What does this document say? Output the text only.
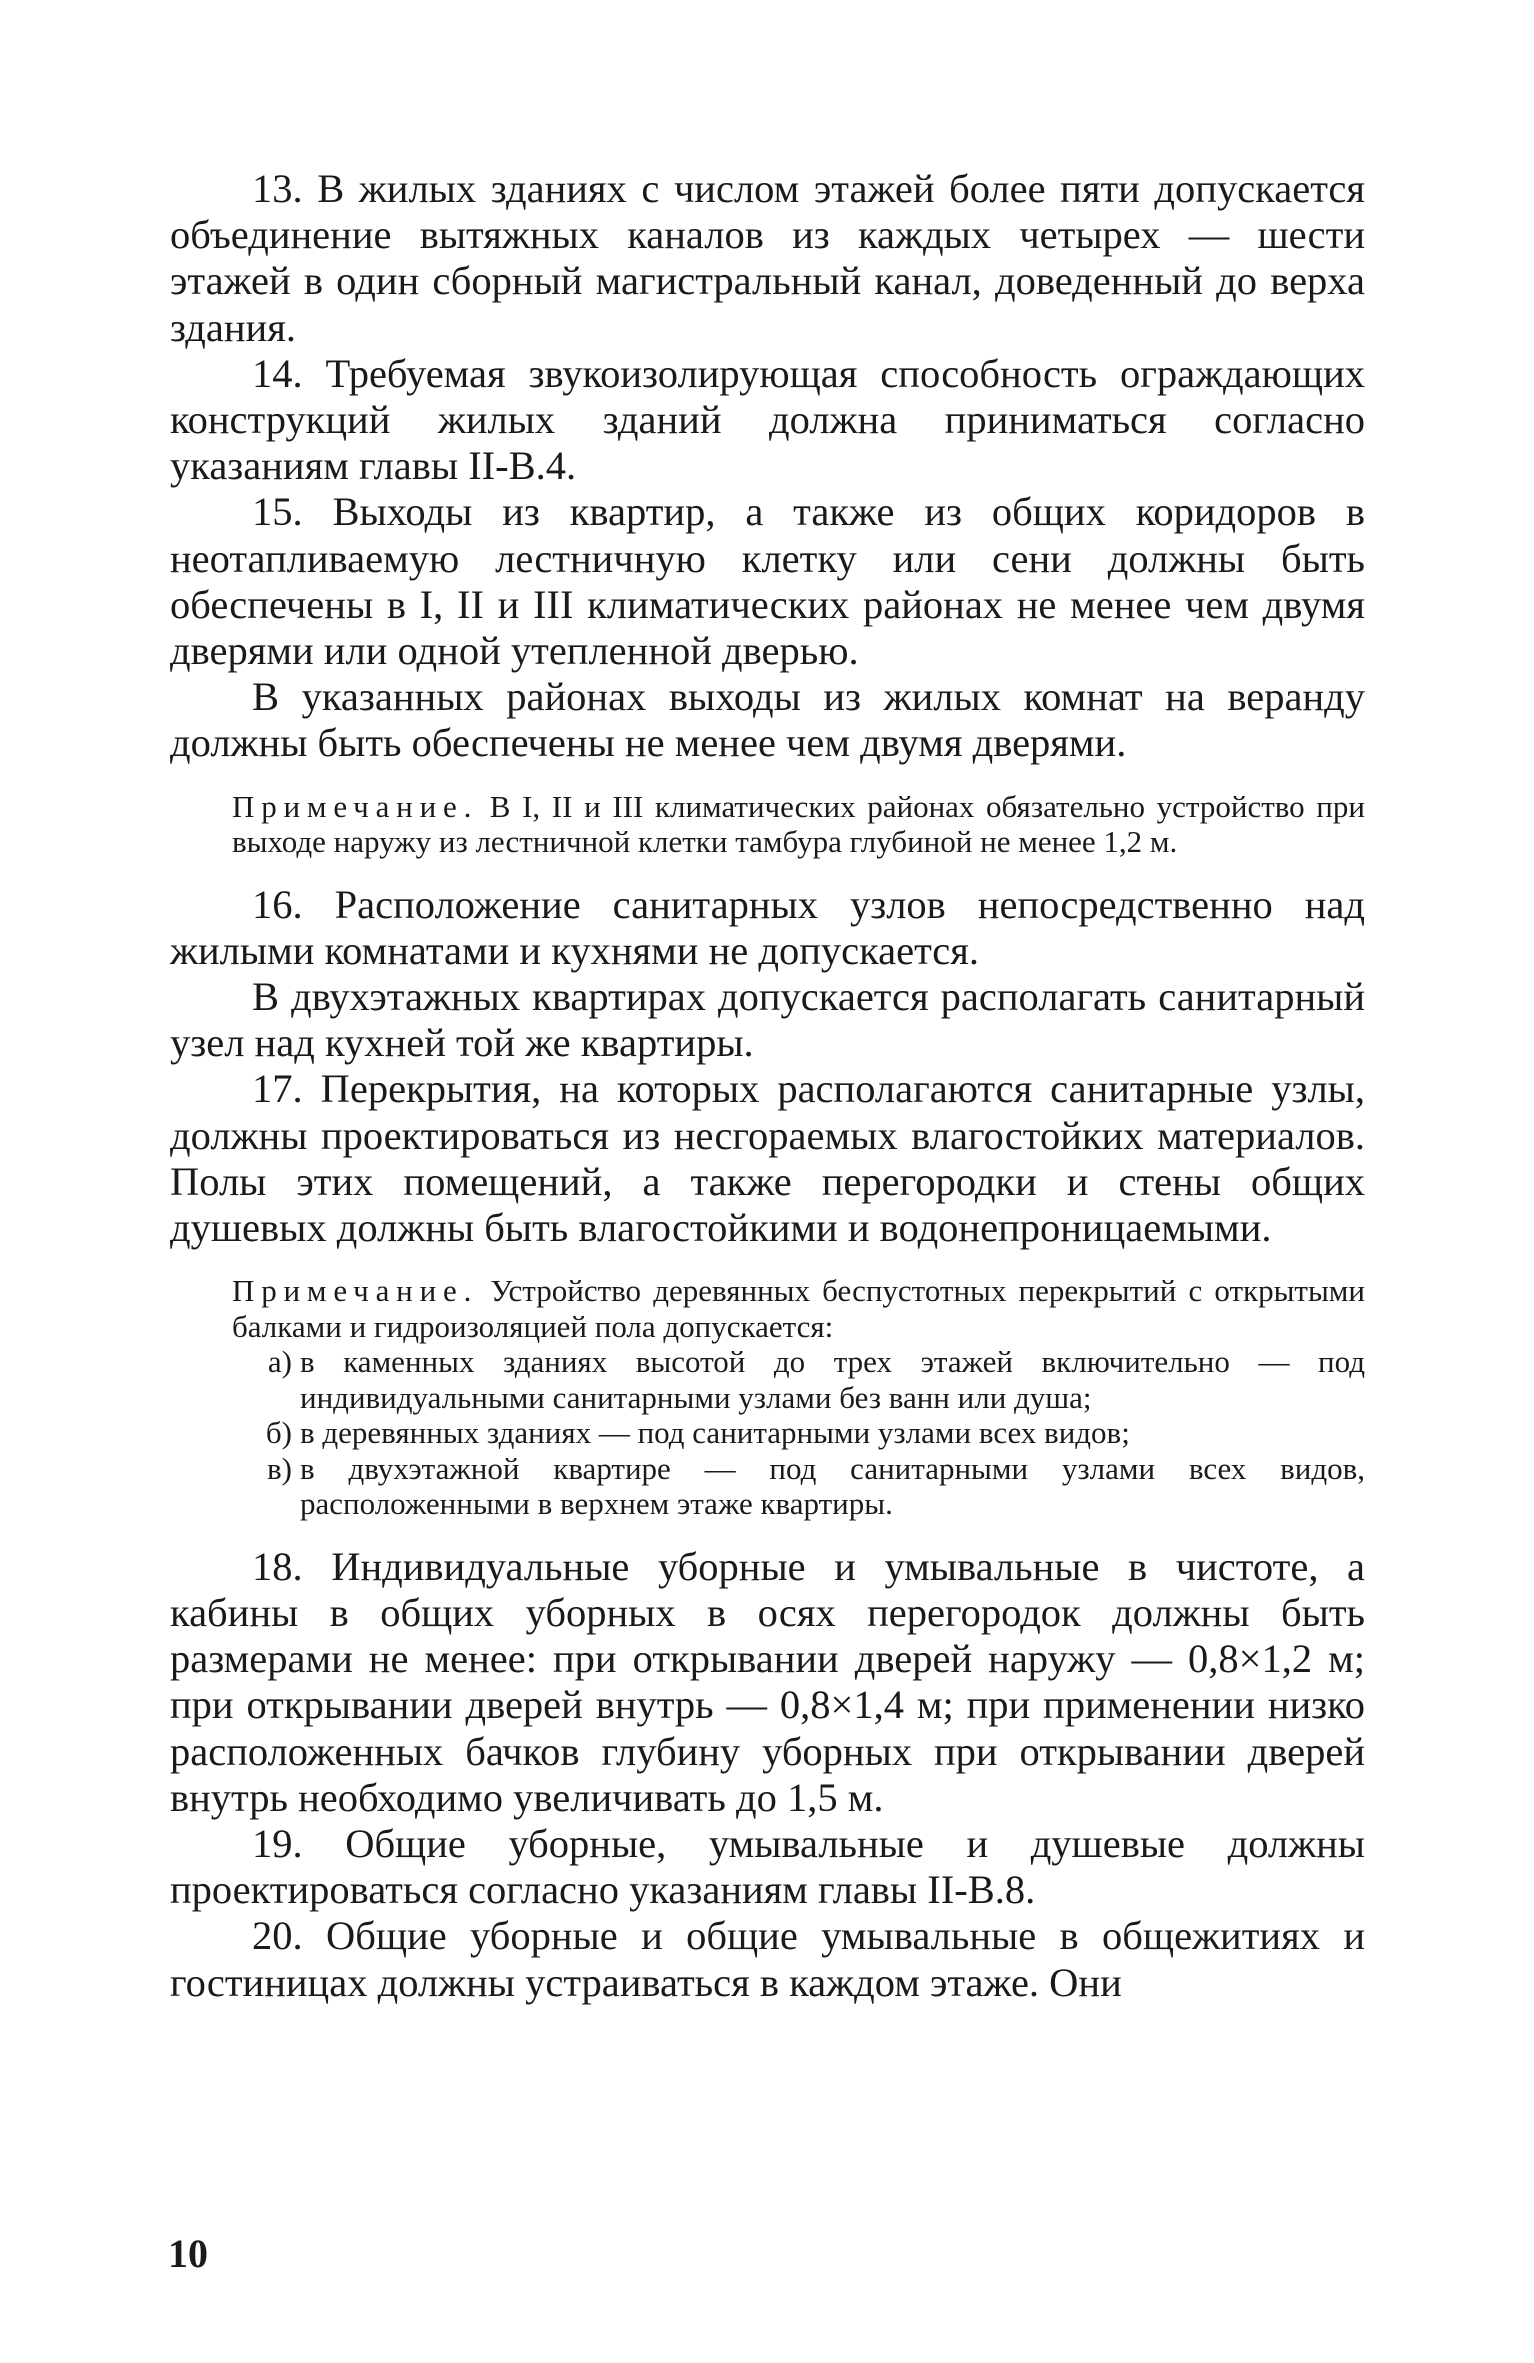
13. В жилых зданиях с числом этажей более пяти допускается объединение вытяжных каналов из каждых четырех — шести этажей в один сборный магистральный канал, доведенный до верха здания.

14. Требуемая звукоизолирующая способность ограждающих конструкций жилых зданий должна приниматься согласно указаниям главы II-В.4.

15. Выходы из квартир, а также из общих коридоров в неотапливаемую лестничную клетку или сени должны быть обеспечены в I, II и III климатических районах не менее чем двумя дверями или одной утепленной дверью.

В указанных районах выходы из жилых комнат на веранду должны быть обеспечены не менее чем двумя дверями.

Примечание. В I, II и III климатических районах обязательно устройство при выходе наружу из лестничной клетки тамбура глубиной не менее 1,2 м.

16. Расположение санитарных узлов непосредственно над жилыми комнатами и кухнями не допускается.

В двухэтажных квартирах допускается располагать санитарный узел над кухней той же квартиры.

17. Перекрытия, на которых располагаются санитарные узлы, должны проектироваться из несгораемых влагостойких материалов. Полы этих помещений, а также перегородки и стены общих душевых должны быть влагостойкими и водонепроницаемыми.

Примечание. Устройство деревянных беспустотных перекрытий с открытыми балками и гидроизоляцией пола допускается:

а) в каменных зданиях высотой до трех этажей включительно — под индивидуальными санитарными узлами без ванн или душа;
б) в деревянных зданиях — под санитарными узлами всех видов;
в) в двухэтажной квартире — под санитарными узлами всех видов, расположенными в верхнем этаже квартиры.

18. Индивидуальные уборные и умывальные в чистоте, а кабины в общих уборных в осях перегородок должны быть размерами не менее: при открывании дверей наружу — 0,8×1,2 м; при открывании дверей внутрь — 0,8×1,4 м; при применении низко расположенных бачков глубину уборных при открывании дверей внутрь необходимо увеличивать до 1,5 м.

19. Общие уборные, умывальные и душевые должны проектироваться согласно указаниям главы II-В.8.

20. Общие уборные и общие умывальные в общежитиях и гостиницах должны устраиваться в каждом этаже. Они

10
